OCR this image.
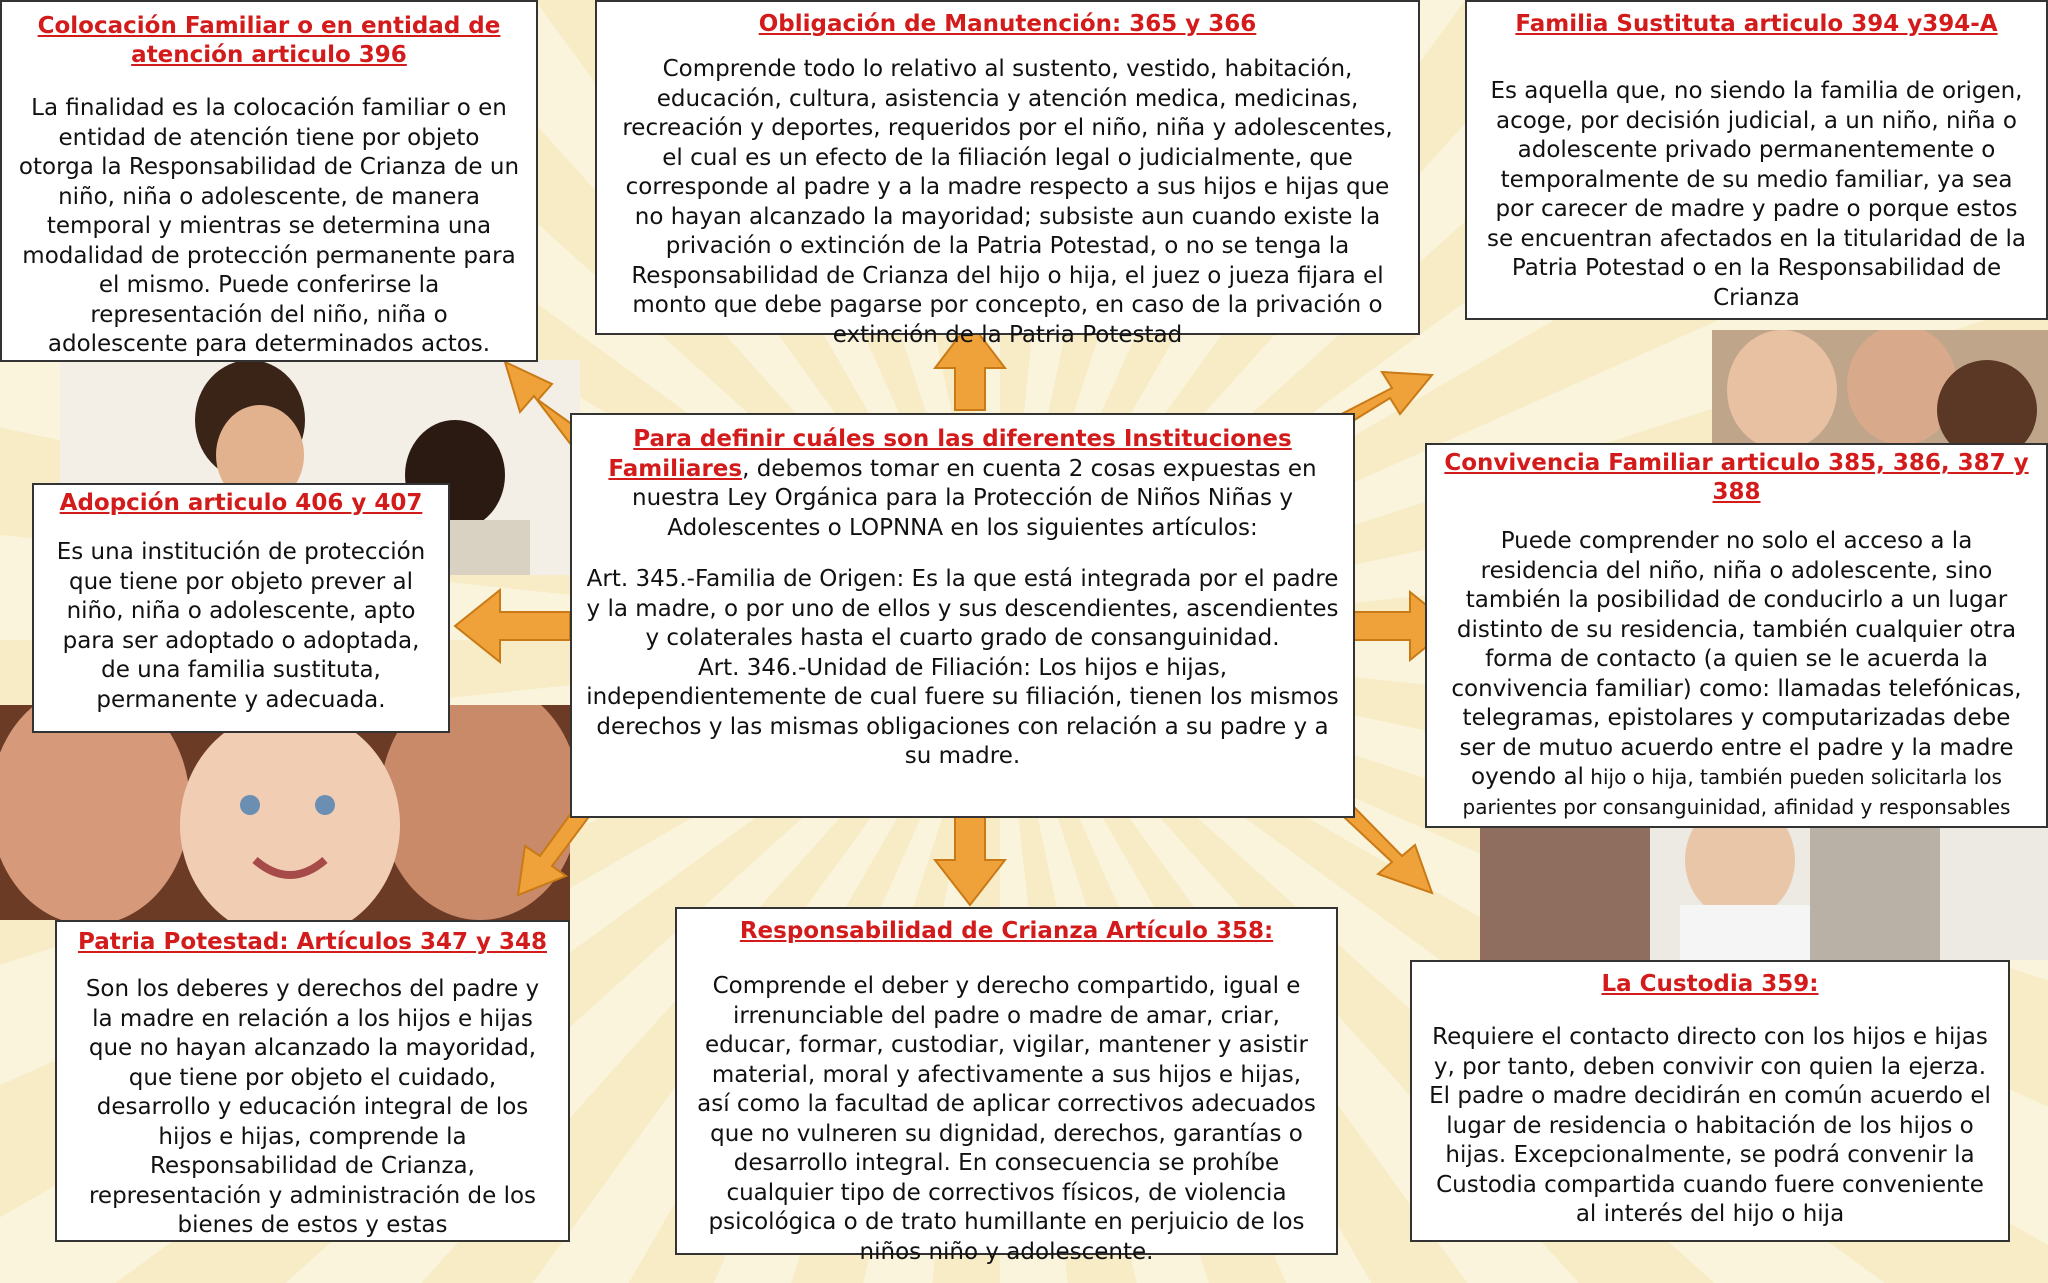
Para definir cuáles son las diferentes Instituciones Familiares, debemos tomar en cuenta 2 cosas expuestas en nuestra Ley Orgánica para la Protección de Niños Niñas y Adolescentes o LOPNNA en los siguientes artículos:
Art. 345.-Familia de Origen: Es la que está integrada por el padre y la madre, o por uno de ellos y sus descendientes, ascendientes y colaterales hasta el cuarto grado de consanguinidad.
Art. 346.-Unidad de Filiación: Los hijos e hijas, independientemente de cual fuere su filiación, tienen los mismos derechos y las mismas obligaciones con relación a su padre y a su madre.
Colocación Familiar o en entidad de atención articulo 396
La finalidad es la colocación familiar o en entidad de atención tiene por objeto otorga la Responsabilidad de Crianza de un niño, niña o adolescente, de manera temporal y mientras se determina una modalidad de protección permanente para el mismo. Puede conferirse la representación del niño, niña o adolescente para determinados actos.
Obligación de Manutención: 365 y 366
Comprende todo lo relativo al sustento, vestido, habitación, educación, cultura, asistencia y atención medica, medicinas, recreación y deportes, requeridos por el niño, niña y adolescentes, el cual es un efecto de la filiación legal o judicialmente, que corresponde al padre y a la madre respecto a sus hijos e hijas que no hayan alcanzado la mayoridad; subsiste aun cuando existe la privación o extinción de la Patria Potestad, o no se tenga la Responsabilidad de Crianza del hijo o hija, el juez o jueza fijara el monto que debe pagarse por concepto, en caso de la privación o extinción de la Patria Potestad
Familia Sustituta articulo 394 y394-A
Es aquella que, no siendo la familia de origen, acoge, por decisión judicial, a un niño, niña o adolescente privado permanentemente o temporalmente de su medio familiar, ya sea por carecer de madre y padre o porque estos se encuentran afectados en la titularidad de la Patria Potestad o en la Responsabilidad de Crianza
Adopción articulo 406 y 407
Es una institución de protección que tiene por objeto prever al niño, niña o adolescente, apto para ser adoptado o adoptada, de una familia sustituta, permanente y adecuada.
Convivencia Familiar articulo 385, 386, 387 y 388
Puede comprender no solo el acceso a la residencia del niño, niña o adolescente, sino también la posibilidad de conducirlo a un lugar distinto de su residencia, también cualquier otra forma de contacto (a quien se le acuerda la convivencia familiar) como: llamadas telefónicas, telegramas, epistolares y computarizadas debe ser de mutuo acuerdo entre el padre y la madre oyendo al hijo o hija, también pueden solicitarla los parientes por consanguinidad, afinidad y responsables
Patria Potestad: Artículos 347 y 348
Son los deberes y derechos del padre y la madre en relación a los hijos e hijas que no hayan alcanzado la mayoridad, que tiene por objeto el cuidado, desarrollo y educación integral de los hijos e hijas, comprende la Responsabilidad de Crianza, representación y administración de los bienes de estos y estas
Responsabilidad de Crianza Artículo 358:
Comprende el deber y derecho compartido, igual e irrenunciable del padre o madre de amar, criar, educar, formar, custodiar, vigilar, mantener y asistir material, moral y afectivamente a sus hijos e hijas, así como la facultad de aplicar correctivos adecuados que no vulneren su dignidad, derechos, garantías o desarrollo integral. En consecuencia se prohíbe cualquier tipo de correctivos físicos, de violencia psicológica o de trato humillante en perjuicio de los niños niño y adolescente.
La Custodia 359:
Requiere el contacto directo con los hijos e hijas y, por tanto, deben convivir con quien la ejerza. El padre o madre decidirán en común acuerdo el lugar de residencia o habitación de los hijos o hijas. Excepcionalmente, se podrá convenir la Custodia compartida cuando fuere conveniente al interés del hijo o hija
